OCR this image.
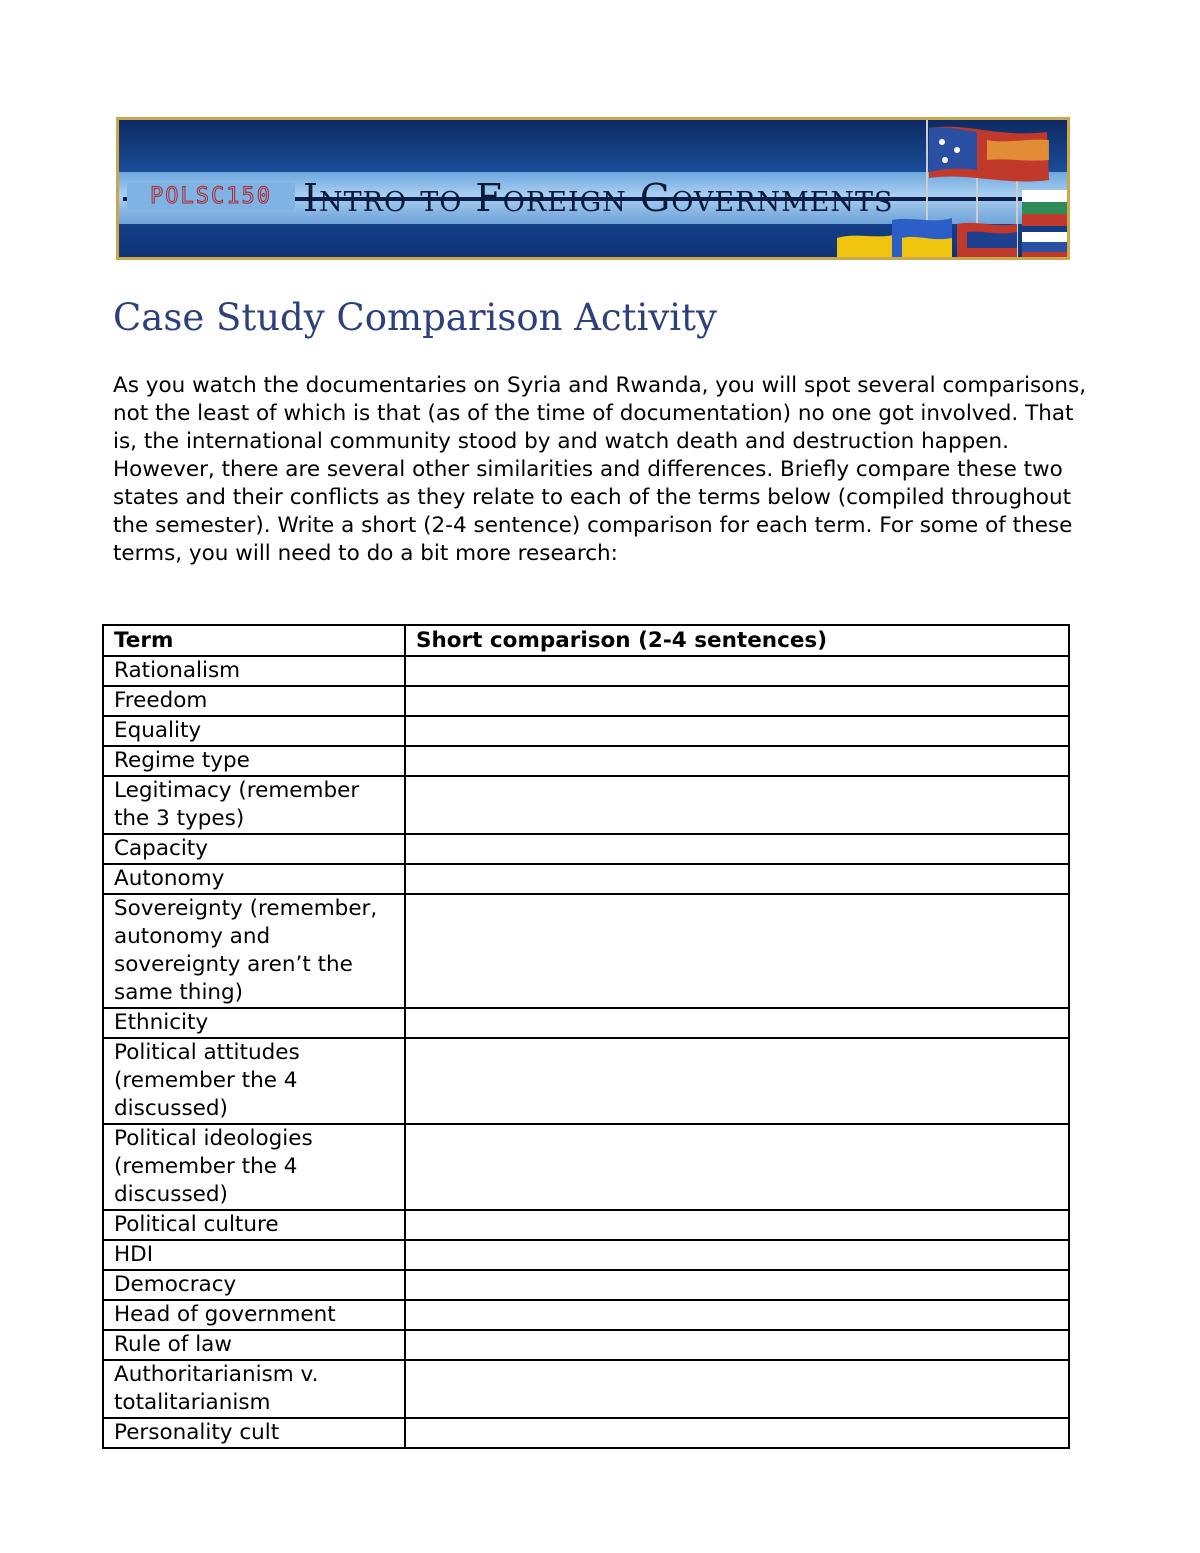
POLSC150 Intro to Foreign Governments
Case Study Comparison Activity

As you watch the documentaries on Syria and Rwanda, you will spot several comparisons, not the least of which is that (as of the time of documentation) no one got involved. That is, the international community stood by and watch death and destruction happen. However, there are several other similarities and differences. Briefly compare these two states and their conflicts as they relate to each of the terms below (compiled throughout the semester). Write a short (2-4 sentence) comparison for each term. For some of these terms, you will need to do a bit more research:

Term	Short comparison (2-4 sentences)
Rationalism	
Freedom	
Equality	
Regime type	
Legitimacy (remember the 3 types)	
Capacity	
Autonomy	
Sovereignty (remember, autonomy and sovereignty aren’t the same thing)	
Ethnicity	
Political attitudes (remember the 4 discussed)	
Political ideologies (remember the 4 discussed)	
Political culture	
HDI	
Democracy	
Head of government	
Rule of law	
Authoritarianism v. totalitarianism	
Personality cult	
